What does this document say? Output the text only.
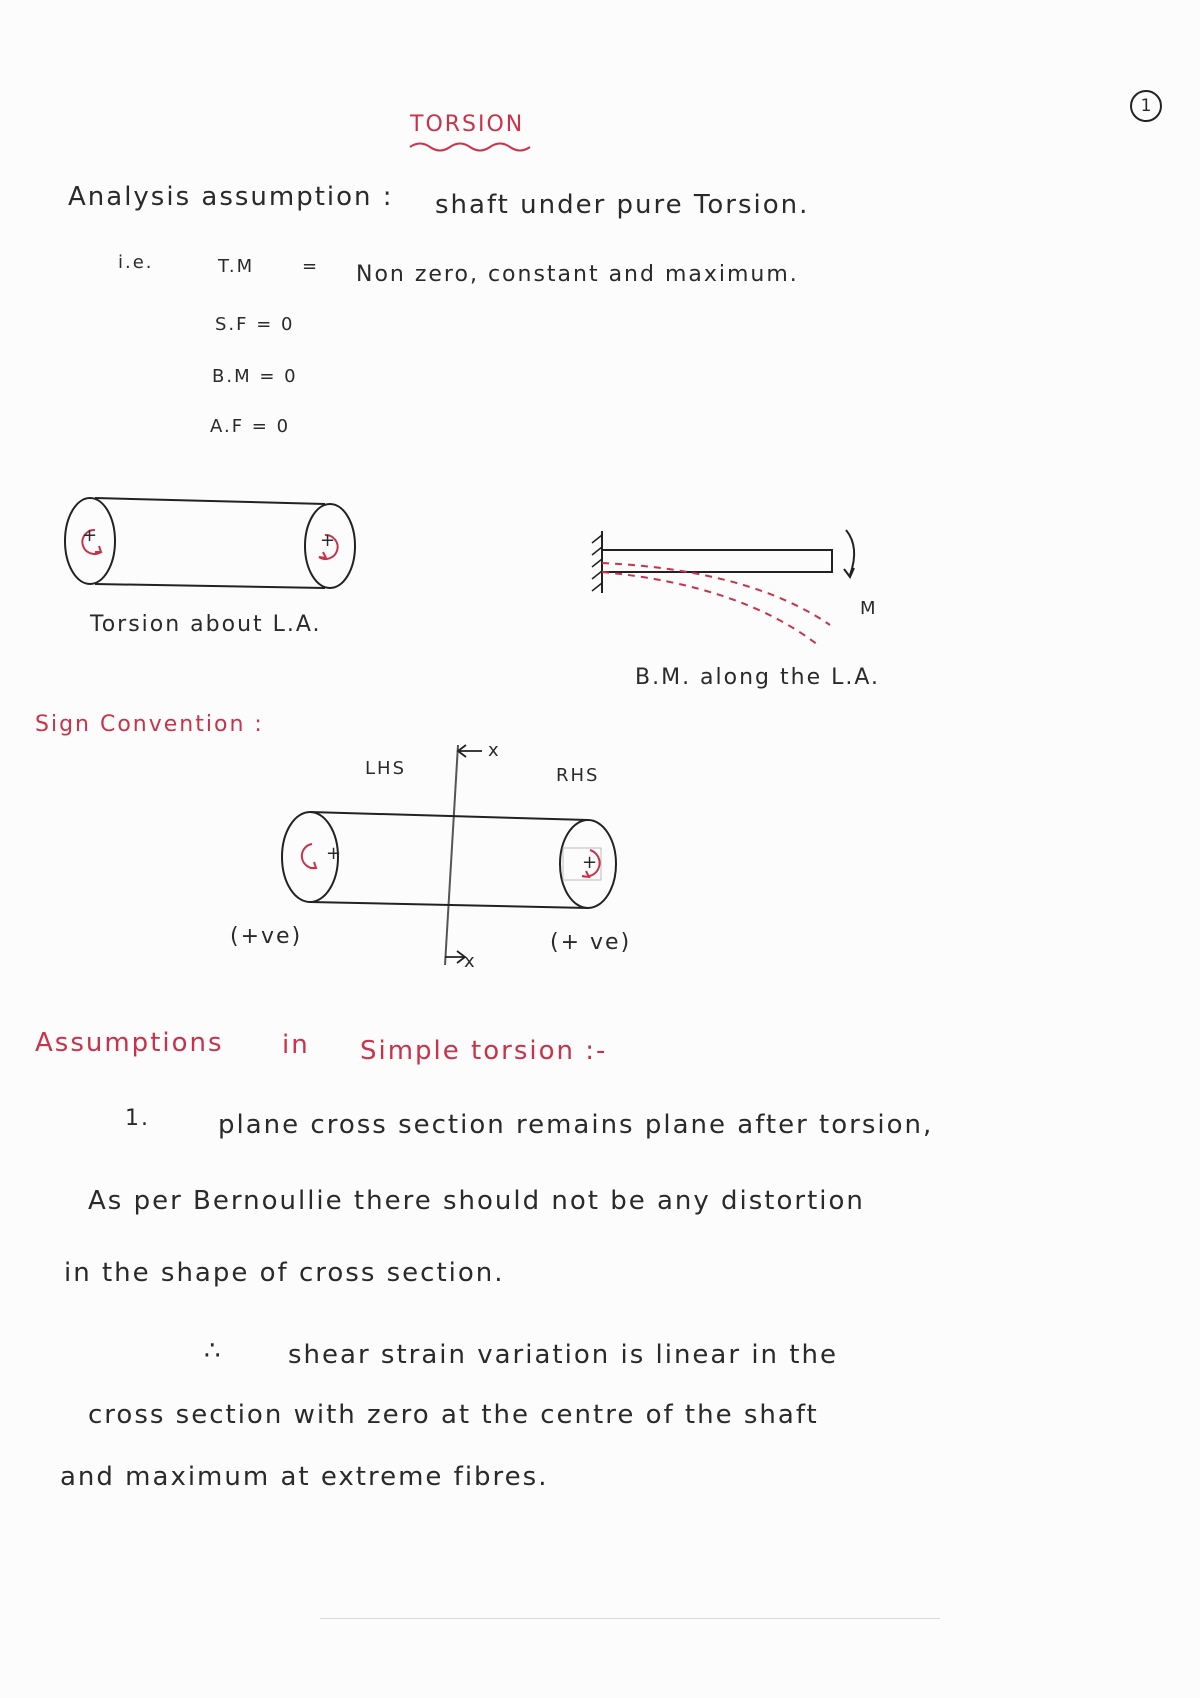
1
TORSION
Analysis assumption : shaft under pure Torsion.
i.e.	T.M	= Non zero, constant and maximum.
S.F = 0
B.M = 0
A.F = 0
+	+
Torsion about L.A.
M
B.M. along the L.A.
Sign Convention :
LHS	RHS
x
x
+	+
(+ve)	(+ ve)
Assumptions in Simple torsion :-
1.	plane cross section remains plane after torsion,
As per Bernoullie there should not be any distortion
in the shape of cross section.
∴	shear strain variation is linear in the
cross section with zero at the centre of the shaft
and maximum at extreme fibres.
